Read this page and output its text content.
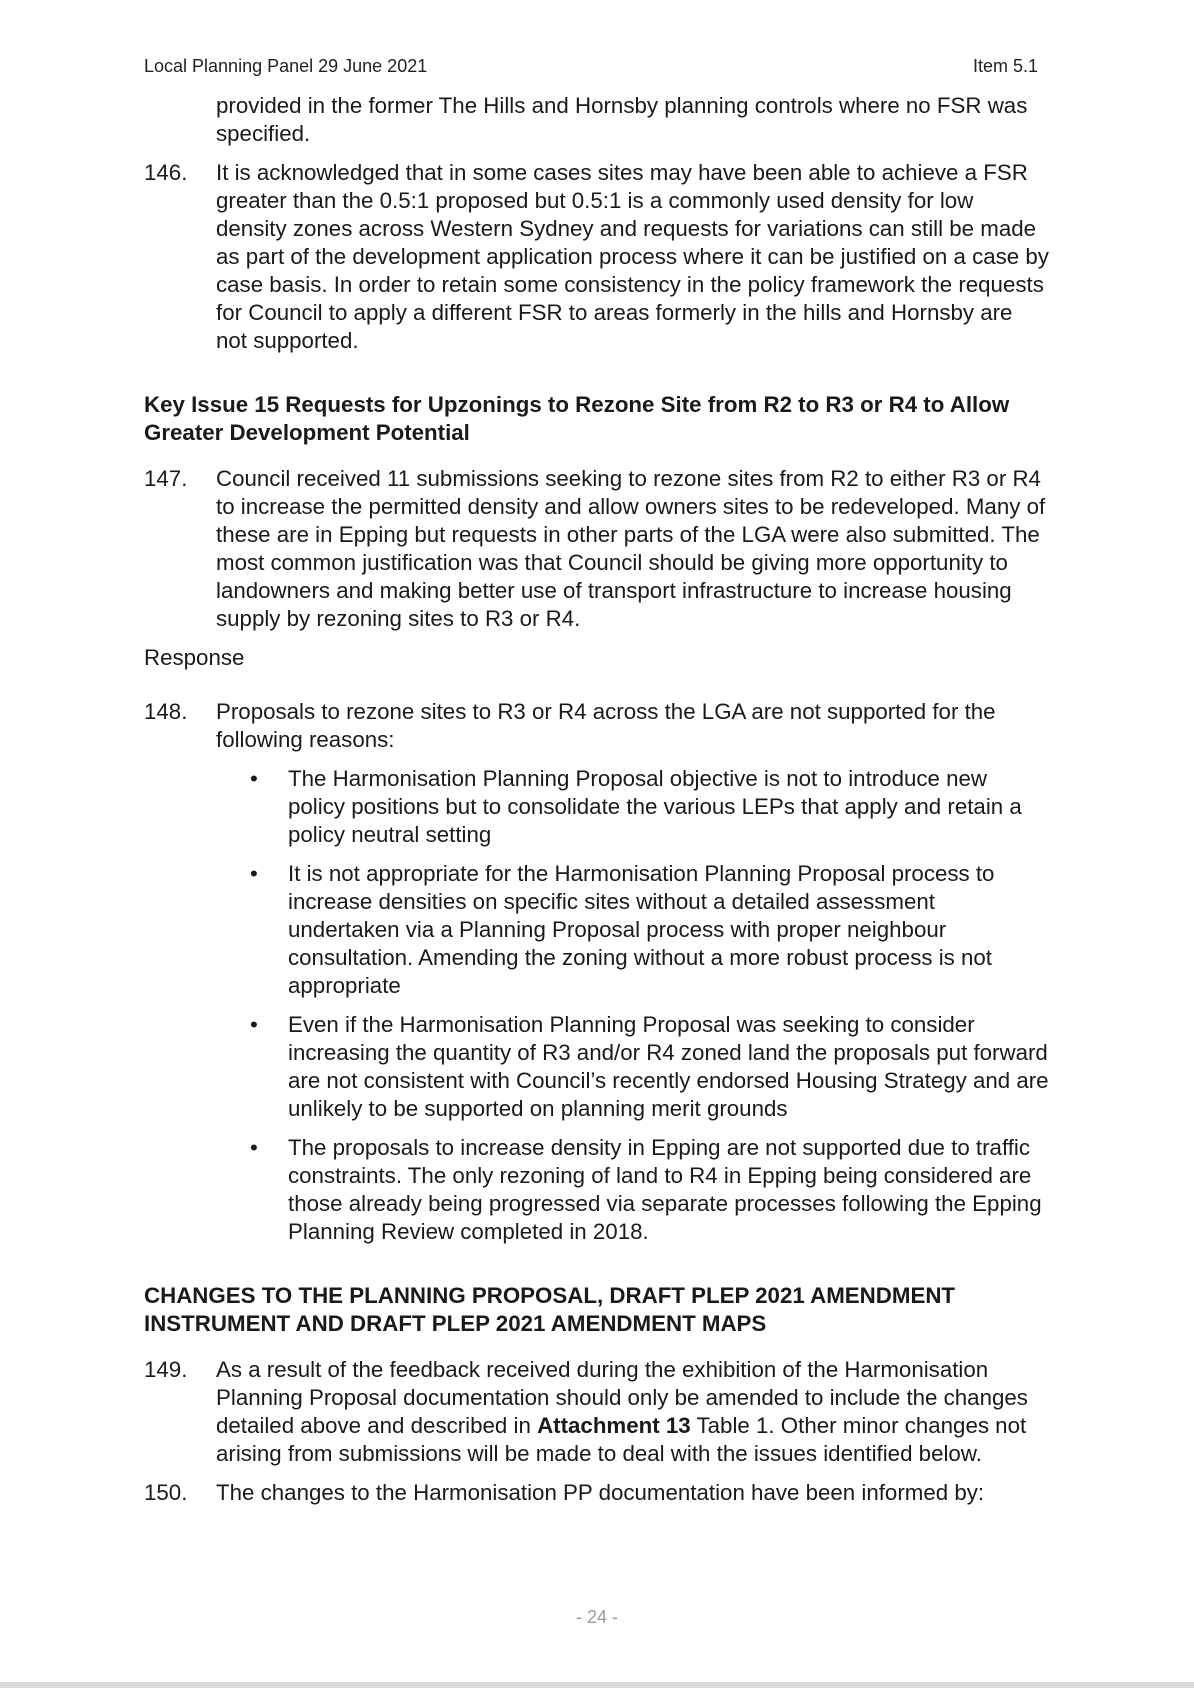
Local Planning Panel 29 June 2021	Item 5.1
provided in the former The Hills and Hornsby planning controls where no FSR was specified.
146. It is acknowledged that in some cases sites may have been able to achieve a FSR greater than the 0.5:1 proposed but 0.5:1 is a commonly used density for low density zones across Western Sydney and requests for variations can still be made as part of the development application process where it can be justified on a case by case basis. In order to retain some consistency in the policy framework the requests for Council to apply a different FSR to areas formerly in the hills and Hornsby are not supported.
Key Issue 15 Requests for Upzonings to Rezone Site from R2 to R3 or R4 to Allow Greater Development Potential
147. Council received 11 submissions seeking to rezone sites from R2 to either R3 or R4 to increase the permitted density and allow owners sites to be redeveloped. Many of these are in Epping but requests in other parts of the LGA were also submitted. The most common justification was that Council should be giving more opportunity to landowners and making better use of transport infrastructure to increase housing supply by rezoning sites to R3 or R4.
Response
148. Proposals to rezone sites to R3 or R4 across the LGA are not supported for the following reasons:
• The Harmonisation Planning Proposal objective is not to introduce new policy positions but to consolidate the various LEPs that apply and retain a policy neutral setting
• It is not appropriate for the Harmonisation Planning Proposal process to increase densities on specific sites without a detailed assessment undertaken via a Planning Proposal process with proper neighbour consultation. Amending the zoning without a more robust process is not appropriate
• Even if the Harmonisation Planning Proposal was seeking to consider increasing the quantity of R3 and/or R4 zoned land the proposals put forward are not consistent with Council’s recently endorsed Housing Strategy and are unlikely to be supported on planning merit grounds
• The proposals to increase density in Epping are not supported due to traffic constraints. The only rezoning of land to R4 in Epping being considered are those already being progressed via separate processes following the Epping Planning Review completed in 2018.
CHANGES TO THE PLANNING PROPOSAL, DRAFT PLEP 2021 AMENDMENT INSTRUMENT AND DRAFT PLEP 2021 AMENDMENT MAPS
149. As a result of the feedback received during the exhibition of the Harmonisation Planning Proposal documentation should only be amended to include the changes detailed above and described in Attachment 13 Table 1. Other minor changes not arising from submissions will be made to deal with the issues identified below.
150. The changes to the Harmonisation PP documentation have been informed by:
- 24 -
